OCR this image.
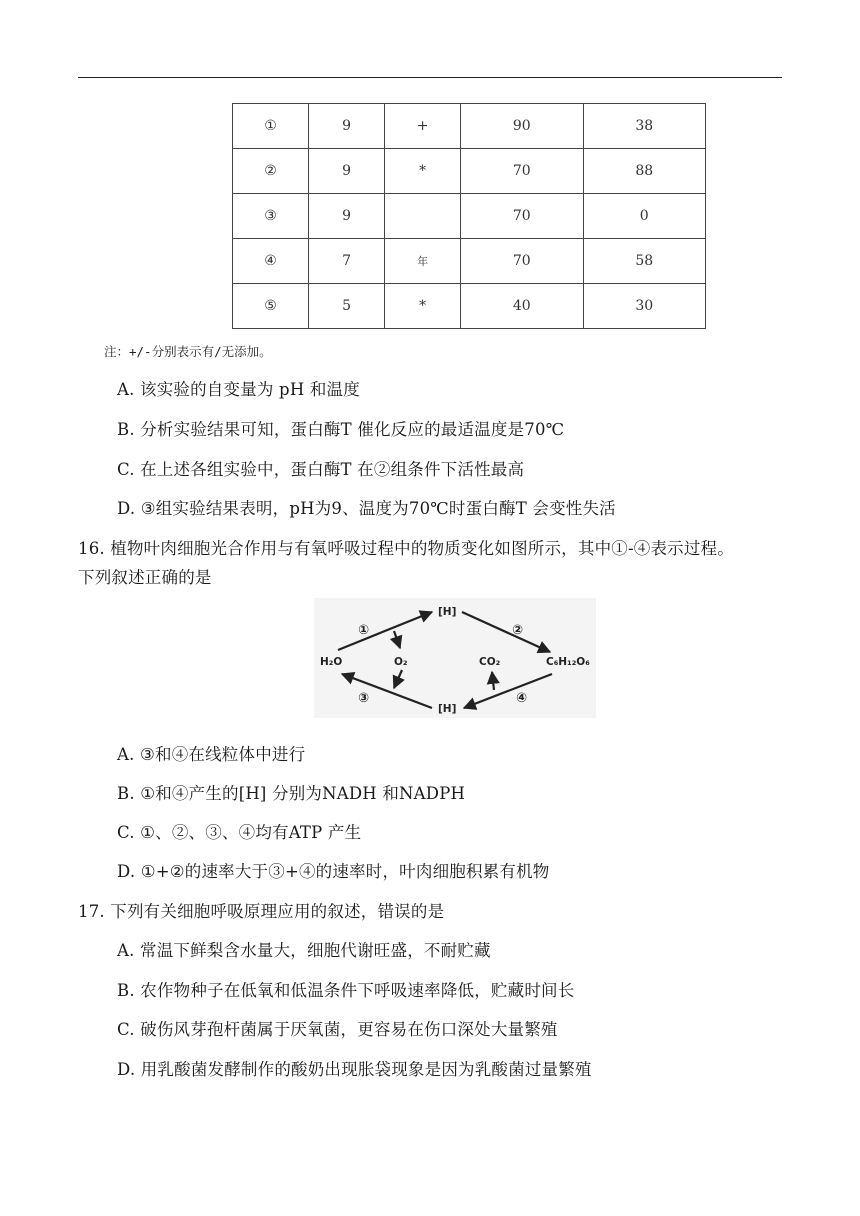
①	9	+	90	38
②	9	*	70	88
③	9		70	0
④	7	年	70	58
⑤	5	*	40	30
注：+/-分别表示有/无添加。
A. 该实验的自变量为 pH 和温度
B. 分析实验结果可知，蛋白酶T 催化反应的最适温度是70℃
C. 在上述各组实验中，蛋白酶T 在②组条件下活性最高
D. ③组实验结果表明，pH为9、温度为70℃时蛋白酶T 会变性失活
16. 植物叶肉细胞光合作用与有氧呼吸过程中的物质变化如图所示，其中①-④表示过程。
下列叙述正确的是
[H]
[H]
H₂O	O₂	CO₂	C₆H₁₂O₆
①	②
③	④
A. ③和④在线粒体中进行
B. ①和④产生的[H] 分别为NADH 和NADPH
C. ①、②、③、④均有ATP 产生
D. ①+②的速率大于③+④的速率时，叶肉细胞积累有机物
17. 下列有关细胞呼吸原理应用的叙述，错误的是
A. 常温下鲜梨含水量大，细胞代谢旺盛，不耐贮藏
B. 农作物种子在低氧和低温条件下呼吸速率降低，贮藏时间长
C. 破伤风芽孢杆菌属于厌氧菌，更容易在伤口深处大量繁殖
D. 用乳酸菌发酵制作的酸奶出现胀袋现象是因为乳酸菌过量繁殖
